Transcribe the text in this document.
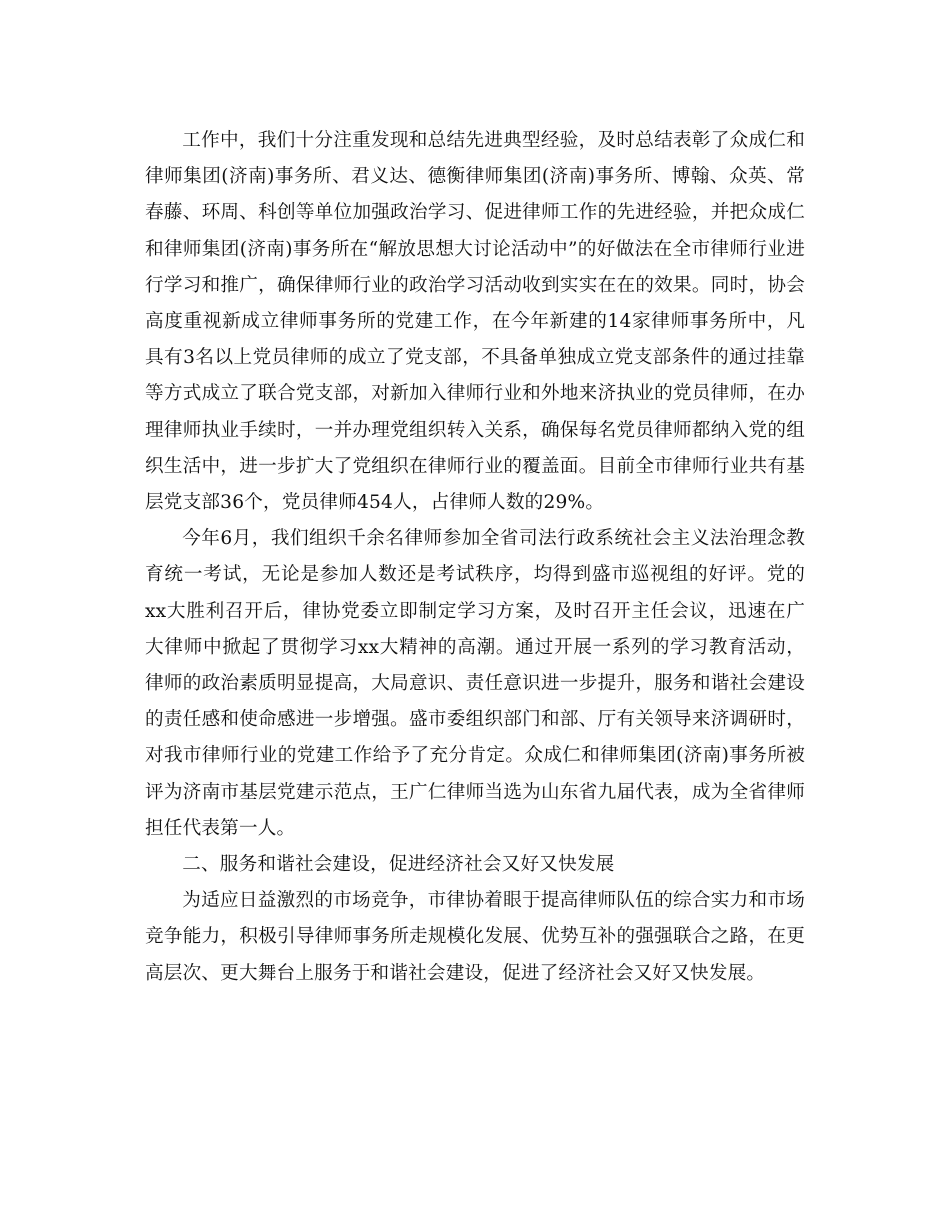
工作中，我们十分注重发现和总结先进典型经验，及时总结表彰了众成仁和律师集团(济南)事务所、君义达、德衡律师集团(济南)事务所、博翰、众英、常春藤、环周、科创等单位加强政治学习、促进律师工作的先进经验，并把众成仁和律师集团(济南)事务所在“解放思想大讨论活动中”的好做法在全市律师行业进行学习和推广，确保律师行业的政治学习活动收到实实在在的效果。同时，协会高度重视新成立律师事务所的党建工作，在今年新建的14家律师事务所中，凡具有3名以上党员律师的成立了党支部，不具备单独成立党支部条件的通过挂靠等方式成立了联合党支部，对新加入律师行业和外地来济执业的党员律师，在办理律师执业手续时，一并办理党组织转入关系，确保每名党员律师都纳入党的组织生活中，进一步扩大了党组织在律师行业的覆盖面。目前全市律师行业共有基层党支部36个，党员律师454人，占律师人数的29%。

今年6月，我们组织千余名律师参加全省司法行政系统社会主义法治理念教育统一考试，无论是参加人数还是考试秩序，均得到盛市巡视组的好评。党的xx大胜利召开后，律协党委立即制定学习方案，及时召开主任会议，迅速在广大律师中掀起了贯彻学习xx大精神的高潮。通过开展一系列的学习教育活动，律师的政治素质明显提高，大局意识、责任意识进一步提升，服务和谐社会建设的责任感和使命感进一步增强。盛市委组织部门和部、厅有关领导来济调研时，对我市律师行业的党建工作给予了充分肯定。众成仁和律师集团(济南)事务所被评为济南市基层党建示范点，王广仁律师当选为山东省九届代表，成为全省律师担任代表第一人。

二、服务和谐社会建设，促进经济社会又好又快发展

为适应日益激烈的市场竞争，市律协着眼于提高律师队伍的综合实力和市场竞争能力，积极引导律师事务所走规模化发展、优势互补的强强联合之路，在更高层次、更大舞台上服务于和谐社会建设，促进了经济社会又好又快发展。
